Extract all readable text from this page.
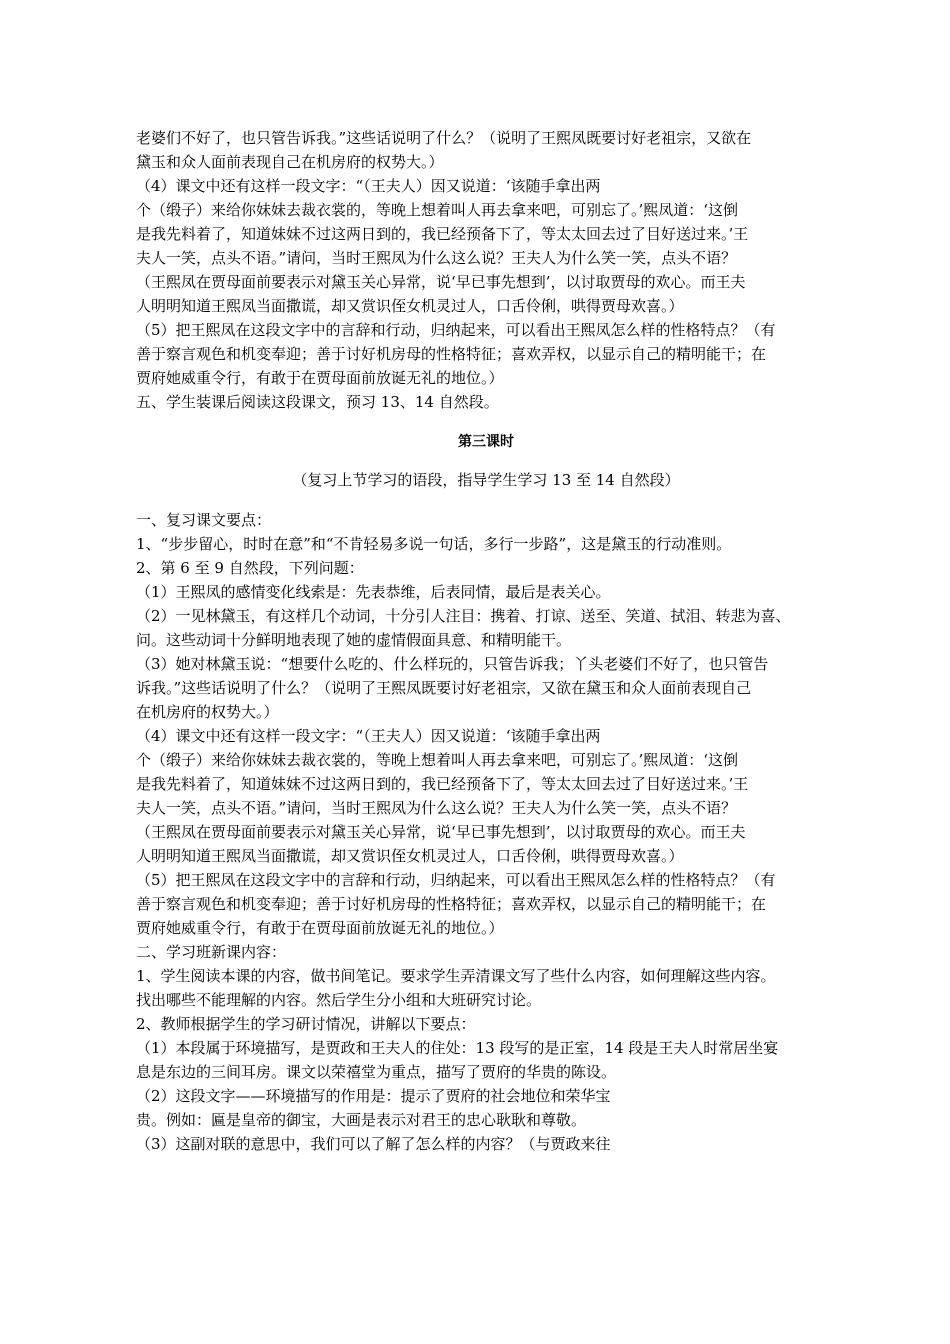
老婆们不好了，也只管告诉我。”这些话说明了什么？（说明了王熙凤既要讨好老祖宗，又欲在
黛玉和众人面前表现自己在机房府的权势大。）
（4）课文中还有这样一段文字：“（王夫人）因又说道：‘该随手拿出两
个（缎子）来给你妹妹去裁衣裳的，等晚上想着叫人再去拿来吧，可别忘了。’熙凤道：‘这倒
是我先料着了，知道妹妹不过这两日到的，我已经预备下了，等太太回去过了目好送过来。’王
夫人一笑，点头不语。”请问，当时王熙凤为什么这么说？王夫人为什么笑一笑，点头不语？
（王熙凤在贾母面前要表示对黛玉关心异常，说‘早已事先想到’，以讨取贾母的欢心。而王夫
人明明知道王熙凤当面撒谎，却又赏识侄女机灵过人，口舌伶俐，哄得贾母欢喜。）
（5）把王熙凤在这段文字中的言辞和行动，归纳起来，可以看出王熙凤怎么样的性格特点？（有
善于察言观色和机变奉迎；善于讨好机房母的性格特征；喜欢弄权，以显示自己的精明能干；在
贾府她威重令行，有敢于在贾母面前放诞无礼的地位。）
五、学生装课后阅读这段课文，预习 13、14 自然段。
第三课时
（复习上节学习的语段，指导学生学习 13 至 14 自然段）
一、复习课文要点：
1、“步步留心，时时在意”和“不肯轻易多说一句话，多行一步路”，这是黛玉的行动准则。
2、第 6 至 9 自然段，下列问题：
（1）王熙凤的感情变化线索是：先表恭维，后表同情，最后是表关心。
（2）一见林黛玉，有这样几个动词，十分引人注目：携着、打谅、送至、笑道、拭泪、转悲为喜、
问。这些动词十分鲜明地表现了她的虚情假面具意、和精明能干。
（3）她对林黛玉说：“想要什么吃的、什么样玩的，只管告诉我；丫头老婆们不好了，也只管告
诉我。”这些话说明了什么？（说明了王熙凤既要讨好老祖宗，又欲在黛玉和众人面前表现自己
在机房府的权势大。）
（4）课文中还有这样一段文字：“（王夫人）因又说道：‘该随手拿出两
个（缎子）来给你妹妹去裁衣裳的，等晚上想着叫人再去拿来吧，可别忘了。’熙凤道：‘这倒
是我先料着了，知道妹妹不过这两日到的，我已经预备下了，等太太回去过了目好送过来。’王
夫人一笑，点头不语。”请问，当时王熙凤为什么这么说？王夫人为什么笑一笑，点头不语？
（王熙凤在贾母面前要表示对黛玉关心异常，说‘早已事先想到’，以讨取贾母的欢心。而王夫
人明明知道王熙凤当面撒谎，却又赏识侄女机灵过人，口舌伶俐，哄得贾母欢喜。）
（5）把王熙凤在这段文字中的言辞和行动，归纳起来，可以看出王熙凤怎么样的性格特点？（有
善于察言观色和机变奉迎；善于讨好机房母的性格特征；喜欢弄权，以显示自己的精明能干；在
贾府她威重令行，有敢于在贾母面前放诞无礼的地位。）
二、学习班新课内容：
1、学生阅读本课的内容，做书间笔记。要求学生弄清课文写了些什么内容，如何理解这些内容。
找出哪些不能理解的内容。然后学生分小组和大班研究讨论。
2、教师根据学生的学习研讨情况，讲解以下要点：
（1）本段属于环境描写，是贾政和王夫人的住处：13 段写的是正室，14 段是王夫人时常居坐宴
息是东边的三间耳房。课文以荣禧堂为重点，描写了贾府的华贵的陈设。
（2）这段文字——环境描写的作用是：提示了贾府的社会地位和荣华宝
贵。例如：匾是皇帝的御宝，大画是表示对君王的忠心耿耿和尊敬。
（3）这副对联的意思中，我们可以了解了怎么样的内容？（与贾政来往
